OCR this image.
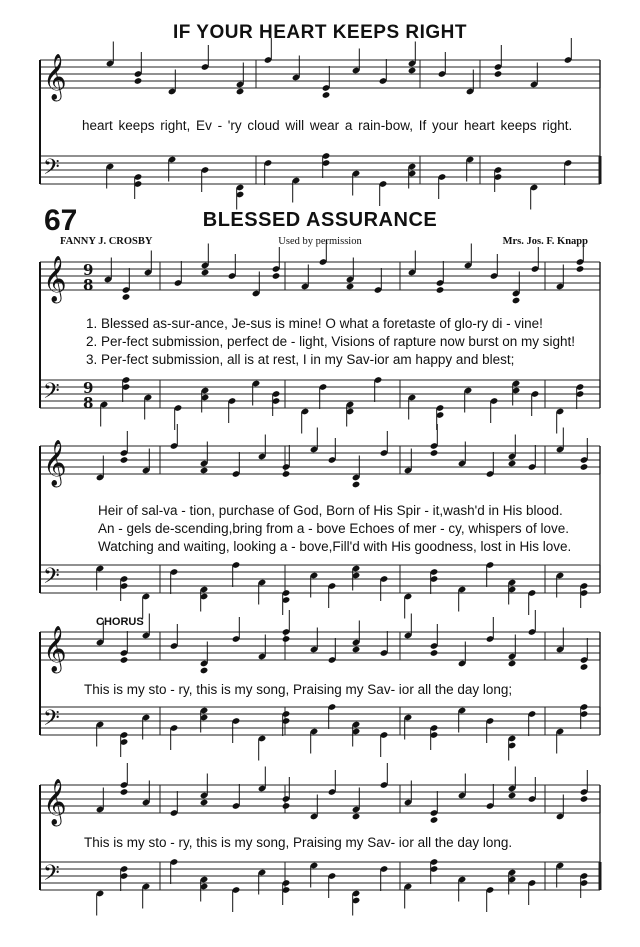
IF YOUR HEART KEEPS RIGHT
heart keeps right, Ev - 'ry cloud will wear a rain-bow, If your heart keeps right.
67	BLESSED ASSURANCE
FANNY J. CROSBY	Used by permission	Mrs. Jos. F. Knapp
1. Blessed as-sur-ance, Je-sus is mine! O what a foretaste of glo-ry di - vine!
2. Per-fect submission, perfect de - light, Visions of rapture now burst on my sight!
3. Per-fect submission, all is at rest, I in my Sav-ior am happy and blest;
Heir of sal-va - tion, purchase of God, Born of His Spir - it,wash'd in His blood.
An - gels de-scending,bring from a - bove Echoes of mer - cy, whispers of love.
Watching and waiting, looking a - bove,Fill'd with His goodness, lost in His love.
CHORUS
This is my sto - ry, this is my song, Praising my Sav- ior all the day long;
This is my sto - ry, this is my song, Praising my Sav- ior all the day long.
𝄞
𝄢
𝄞
𝄢
𝄞
𝄢
𝄞
𝄢
𝄞
𝄢
9
8
9
8
